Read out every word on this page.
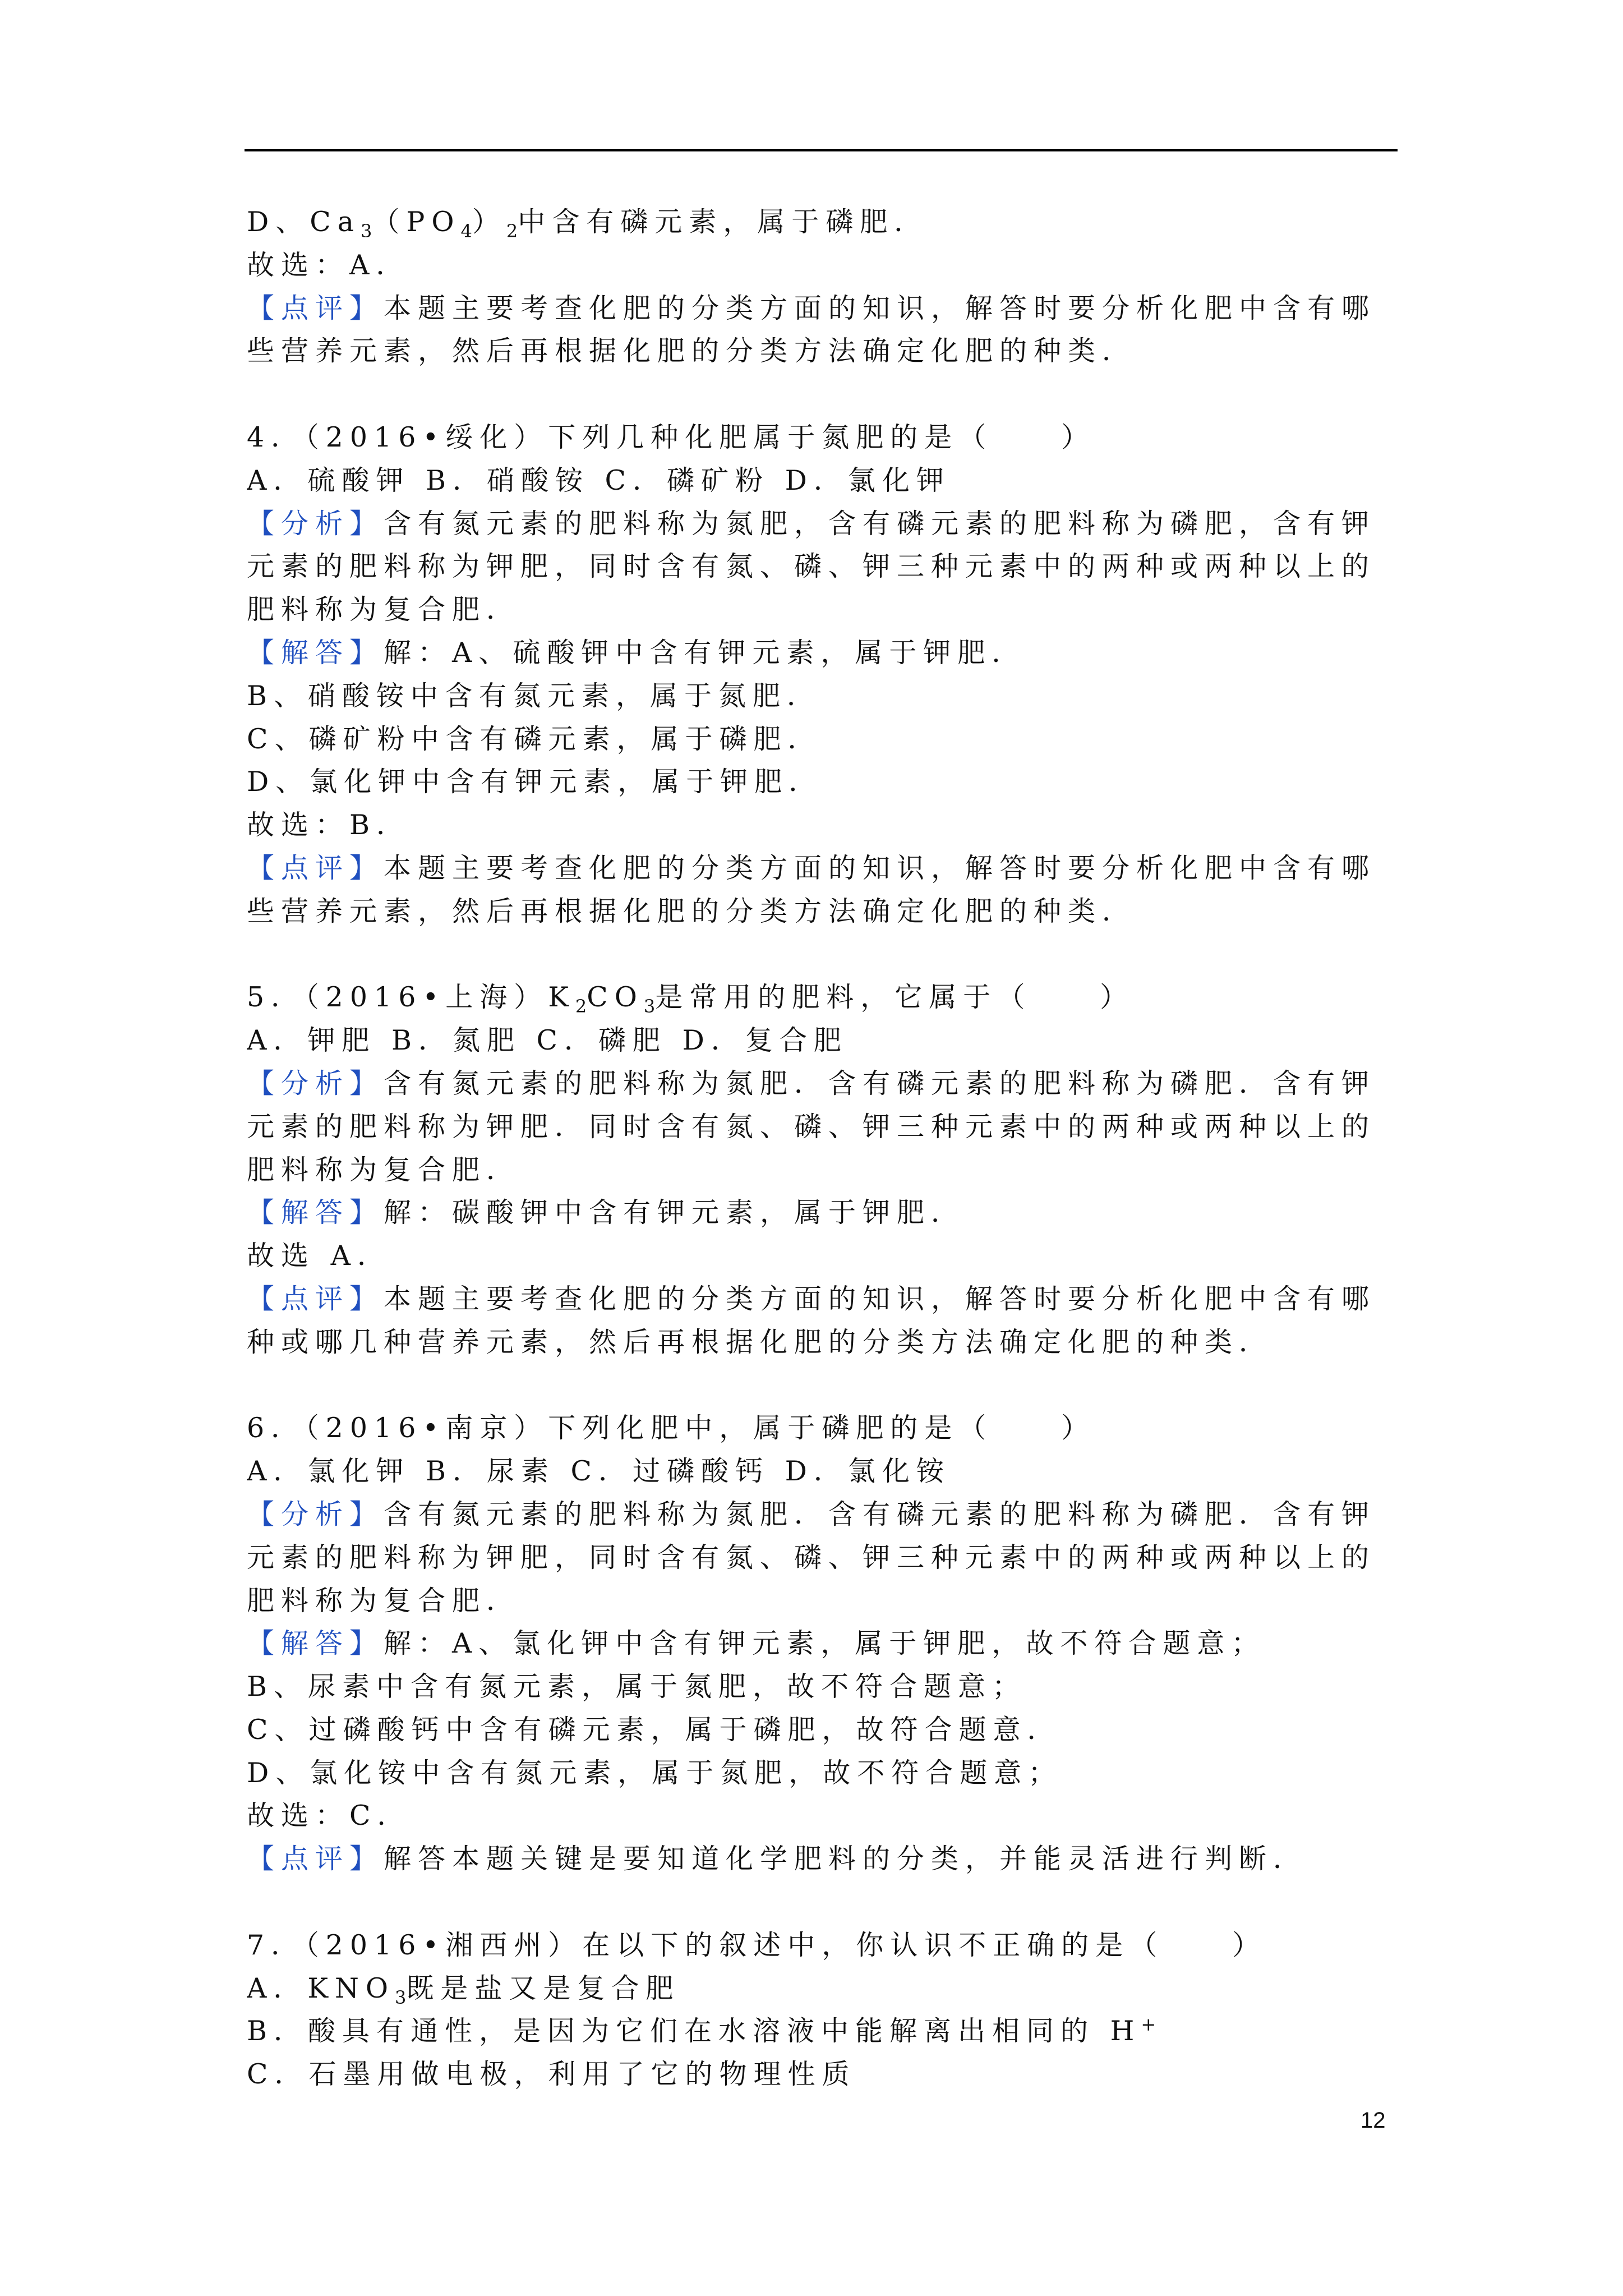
D、$Ca_3(PO_4)_2$中含有磷元素，属于磷肥．
故选：A．
【点评】本题主要考查化肥的分类方面的知识，解答时要分析化肥中含有哪
些营养元素，然后再根据化肥的分类方法确定化肥的种类．
4．（2016•绥化）下列几种化肥属于氮肥的是（　　）
A．硫酸钾 B．硝酸铵 C．磷矿粉 D．氯化钾
【分析】含有氮元素的肥料称为氮肥，含有磷元素的肥料称为磷肥，含有钾
元素的肥料称为钾肥，同时含有氮、磷、钾三种元素中的两种或两种以上的
肥料称为复合肥．
【解答】解：A、硫酸钾中含有钾元素，属于钾肥．
B、硝酸铵中含有氮元素，属于氮肥．
C、磷矿粉中含有磷元素，属于磷肥．
D、氯化钾中含有钾元素，属于钾肥．
故选：B．
【点评】本题主要考查化肥的分类方面的知识，解答时要分析化肥中含有哪
些营养元素，然后再根据化肥的分类方法确定化肥的种类．
5．（2016•上海）$K_2CO_3$是常用的肥料，它属于（　　）
A．钾肥 B．氮肥 C．磷肥 D．复合肥
【分析】含有氮元素的肥料称为氮肥．含有磷元素的肥料称为磷肥．含有钾
元素的肥料称为钾肥．同时含有氮、磷、钾三种元素中的两种或两种以上的
肥料称为复合肥．
【解答】解：碳酸钾中含有钾元素，属于钾肥．
故选 A．
【点评】本题主要考查化肥的分类方面的知识，解答时要分析化肥中含有哪
种或哪几种营养元素，然后再根据化肥的分类方法确定化肥的种类．
6．（2016•南京）下列化肥中，属于磷肥的是（　　）
A．氯化钾 B．尿素 C．过磷酸钙 D．氯化铵
【分析】含有氮元素的肥料称为氮肥．含有磷元素的肥料称为磷肥．含有钾
元素的肥料称为钾肥，同时含有氮、磷、钾三种元素中的两种或两种以上的
肥料称为复合肥．
【解答】解：A、氯化钾中含有钾元素，属于钾肥，故不符合题意；
B、尿素中含有氮元素，属于氮肥，故不符合题意；
C、过磷酸钙中含有磷元素，属于磷肥，故符合题意．
D、氯化铵中含有氮元素，属于氮肥，故不符合题意；
故选：C．
【点评】解答本题关键是要知道化学肥料的分类，并能灵活进行判断．
7．（2016•湘西州）在以下的叙述中，你认识不正确的是（　　）
A．$KNO_3$既是盐又是复合肥
B．酸具有通性，是因为它们在水溶液中能解离出相同的 H+
C．石墨用做电极，利用了它的物理性质
12
